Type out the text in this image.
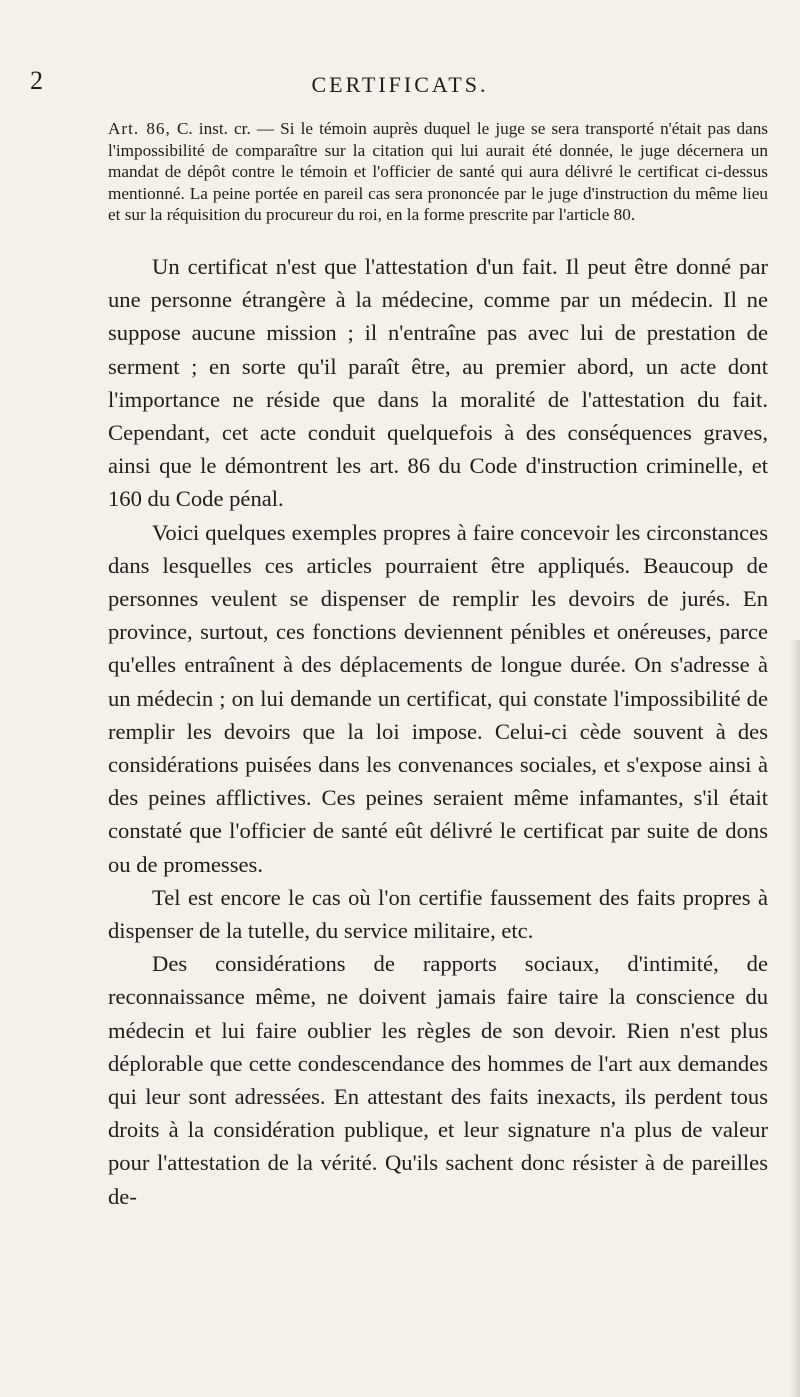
2	CERTIFICATS.
Art. 86, C. inst. cr. — Si le témoin auprès duquel le juge se sera transporté n'était pas dans l'impossibilité de comparaître sur la citation qui lui aurait été donnée, le juge décernera un mandat de dépôt contre le témoin et l'officier de santé qui aura délivré le certificat ci-dessus mentionné. La peine portée en pareil cas sera prononcée par le juge d'instruction du même lieu et sur la réquisition du procureur du roi, en la forme prescrite par l'article 80.

Un certificat n'est que l'attestation d'un fait. Il peut être donné par une personne étrangère à la médecine, comme par un médecin. Il ne suppose aucune mission ; il n'entraîne pas avec lui de prestation de serment ; en sorte qu'il paraît être, au premier abord, un acte dont l'importance ne réside que dans la moralité de l'attestation du fait. Cependant, cet acte conduit quelquefois à des conséquences graves, ainsi que le démontrent les art. 86 du Code d'instruction criminelle, et 160 du Code pénal.

Voici quelques exemples propres à faire concevoir les circonstances dans lesquelles ces articles pourraient être appliqués. Beaucoup de personnes veulent se dispenser de remplir les devoirs de jurés. En province, surtout, ces fonctions deviennent pénibles et onéreuses, parce qu'elles entraînent à des déplacements de longue durée. On s'adresse à un médecin ; on lui demande un certificat, qui constate l'impossibilité de remplir les devoirs que la loi impose. Celui-ci cède souvent à des considérations puisées dans les convenances sociales, et s'expose ainsi à des peines afflictives. Ces peines seraient même infamantes, s'il était constaté que l'officier de santé eût délivré le certificat par suite de dons ou de promesses.

Tel est encore le cas où l'on certifie faussement des faits propres à dispenser de la tutelle, du service militaire, etc.

Des considérations de rapports sociaux, d'intimité, de reconnaissance même, ne doivent jamais faire taire la conscience du médecin et lui faire oublier les règles de son devoir. Rien n'est plus déplorable que cette condescendance des hommes de l'art aux demandes qui leur sont adressées. En attestant des faits inexacts, ils perdent tous droits à la considération publique, et leur signature n'a plus de valeur pour l'attestation de la vérité. Qu'ils sachent donc résister à de pareilles de-
